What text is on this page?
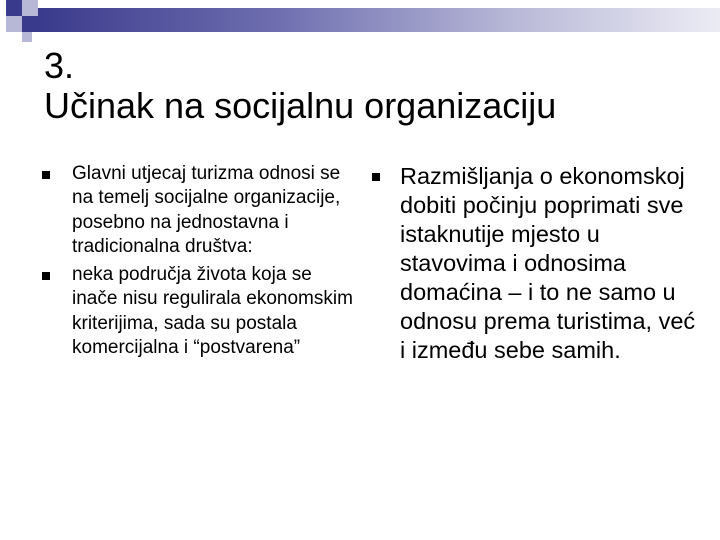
3.
Učinak na socijalnu organizaciju
Glavni utjecaj turizma odnosi se na temelj socijalne organizacije, posebno na jednostavna i tradicionalna društva:
neka područja života koja se inače nisu regulirala ekonomskim kriterijima, sada su postala komercijalna i “postvarena”
Razmišljanja o ekonomskoj dobiti počinju poprimati sve istaknutije mjesto u stavovima i odnosima domaćina – i to ne samo u odnosu prema turistima, već i između sebe samih.
